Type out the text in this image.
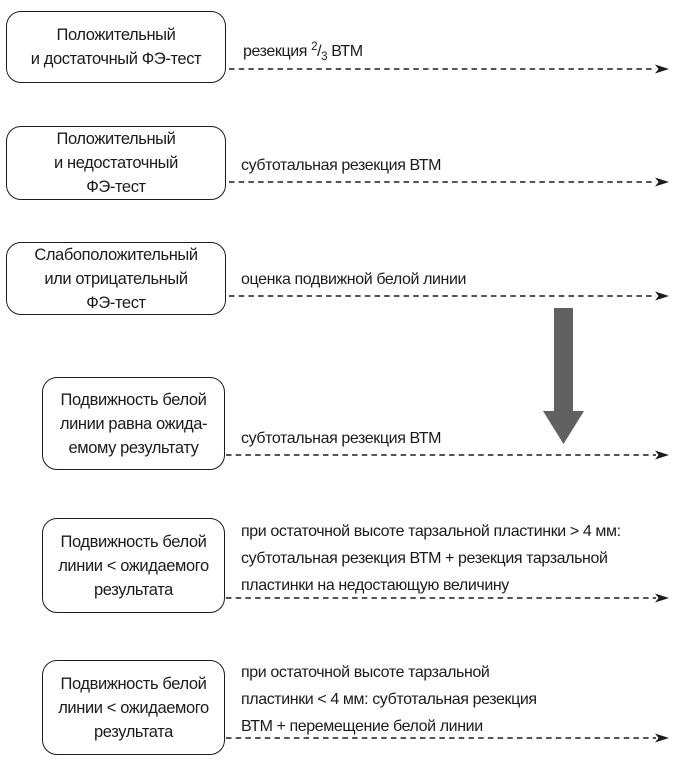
Положительный
и достаточный ФЭ-тест	резекция $^2/_3$ ВТМ
Положительный
и недостаточный
ФЭ-тест
субтотальная резекция ВТМ
Слабоположительный
или отрицательный
ФЭ-тест
оценка подвижной белой линии
Подвижность белой
линии равна ожида-
емому результату	субтотальная резекция ВТМ
Подвижность белой
линии < ожидаемого
результата
при остаточной высоте тарзальной пластинки > 4 мм:
субтотальная резекция ВТМ + резекция тарзальной
пластинки на недостающую величину
Подвижность белой
линии < ожидаемого
результата
при остаточной высоте тарзальной
пластинки < 4 мм: субтотальная резекция
ВТМ + перемещение белой линии
